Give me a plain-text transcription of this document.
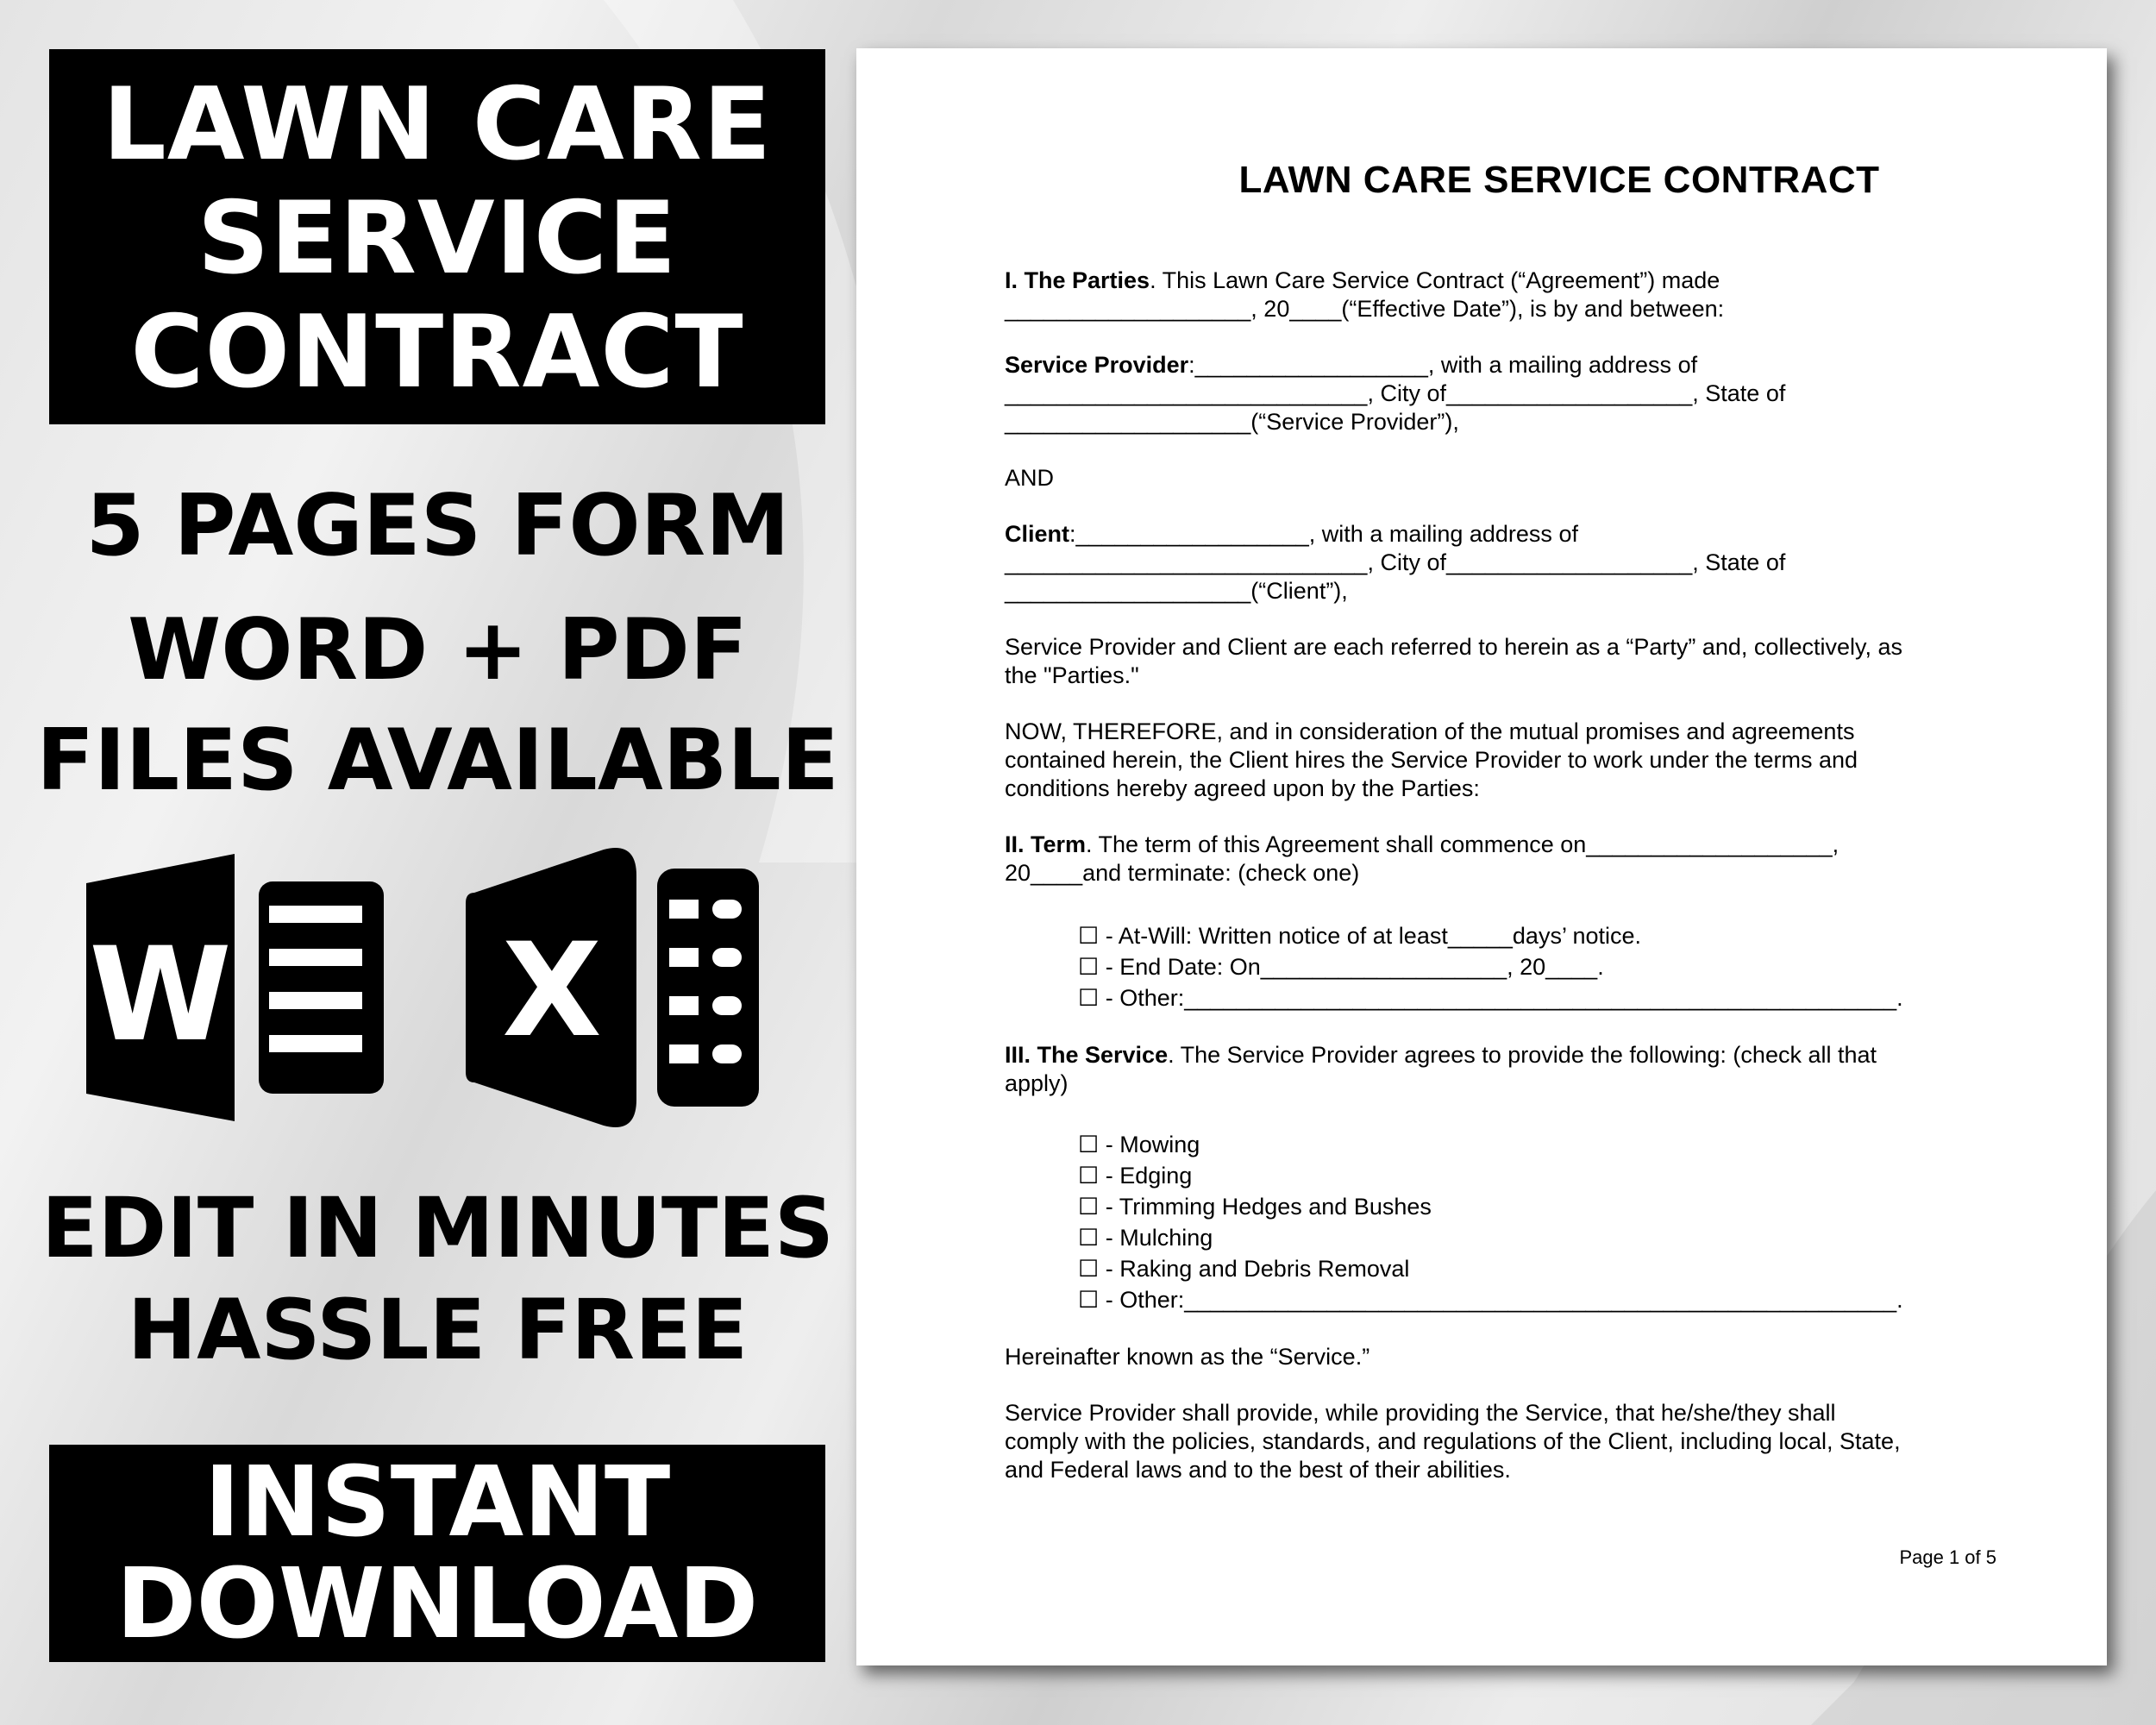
LAWN CARE
SERVICE
CONTRACT
5 PAGES FORM
WORD + PDF
FILES AVAILABLE
W X
EDIT IN MINUTES
HASSLE FREE
INSTANT
DOWNLOAD
LAWN CARE SERVICE CONTRACT

I. The Parties. This Lawn Care Service Contract (“Agreement”) made
___________________, 20____(“Effective Date”), is by and between:

Service Provider:__________________, with a mailing address of
____________________________, City of___________________, State of
___________________(“Service Provider”),

AND

Client:__________________, with a mailing address of
____________________________, City of___________________, State of
___________________(“Client”),

Service Provider and Client are each referred to herein as a “Party” and, collectively, as
the "Parties."

NOW, THEREFORE, and in consideration of the mutual promises and agreements
contained herein, the Client hires the Service Provider to work under the terms and
conditions hereby agreed upon by the Parties:

II. Term. The term of this Agreement shall commence on___________________,
20____and terminate: (check one)

☐ - At-Will: Written notice of at least_____days’ notice.
☐ - End Date: On___________________, 20____.
☐ - Other:_______________________________________________________.

III. The Service. The Service Provider agrees to provide the following: (check all that
apply)

☐ - Mowing
☐ - Edging
☐ - Trimming Hedges and Bushes
☐ - Mulching
☐ - Raking and Debris Removal
☐ - Other:_______________________________________________________.

Hereinafter known as the “Service.”

Service Provider shall provide, while providing the Service, that he/she/they shall
comply with the policies, standards, and regulations of the Client, including local, State,
and Federal laws and to the best of their abilities.

Page 1 of 5
